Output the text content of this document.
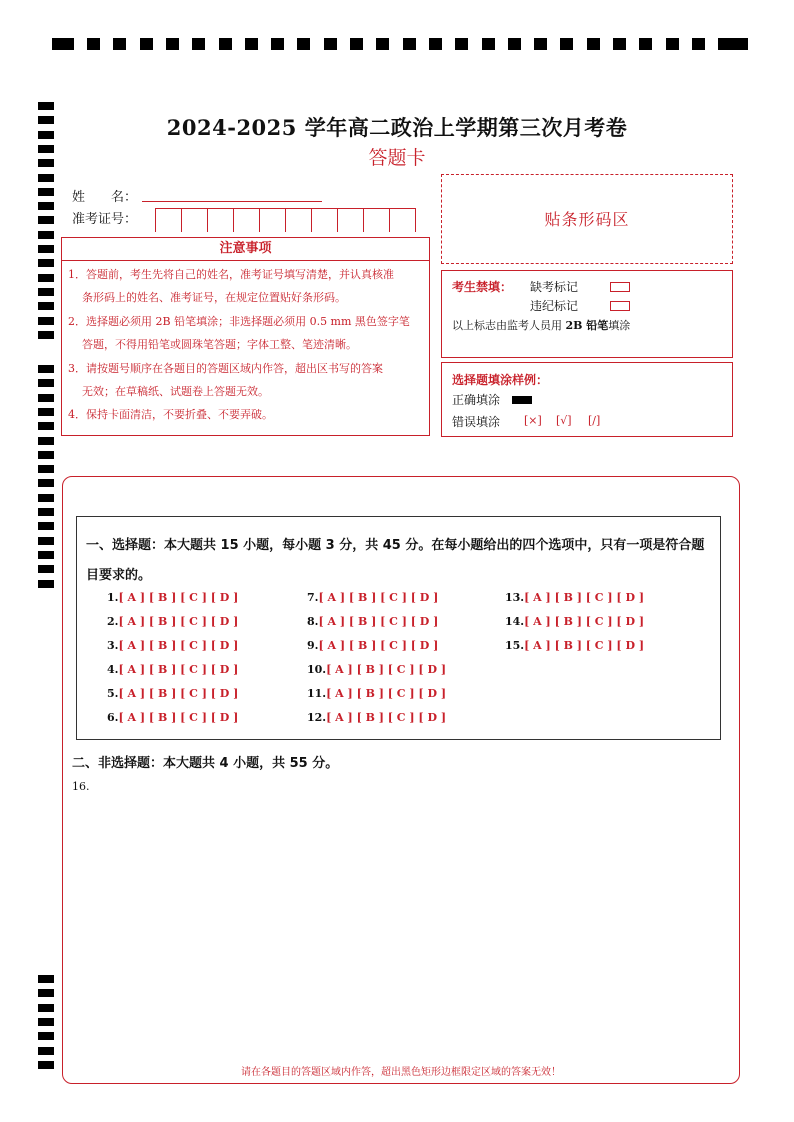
2024-2025 学年高二政治上学期第三次月考卷
答题卡
姓　　名：
准考证号：	贴条形码区
注意事项
1．答题前，考生先将自己的姓名，准考证号填写清楚，并认真核准
条形码上的姓名、准考证号，在规定位置贴好条形码。
2．选择题必须用 2B 铅笔填涂；非选择题必须用 0.5 mm 黑色签字笔
答题，不得用铅笔或圆珠笔答题；字体工整、笔迹清晰。
3．请按题号顺序在各题目的答题区域内作答，超出区书写的答案
无效；在草稿纸、试题卷上答题无效。
4．保持卡面清洁，不要折叠、不要弄破。
考生禁填： 缺考标记
违纪标记
以上标志由监考人员用 2B 铅笔填涂
选择题填涂样例：
正确填涂
错误填涂 [×] [√] [/]
一、选择题：本大题共 15 小题，每小题 3 分，共 45 分。在每小题给出的四个选项中，只有一项是符合题目要求的。
1.[ A ] [ B ] [ C ] [ D ]
2.[ A ] [ B ] [ C ] [ D ]
3.[ A ] [ B ] [ C ] [ D ]
4.[ A ] [ B ] [ C ] [ D ]
5.[ A ] [ B ] [ C ] [ D ]
6.[ A ] [ B ] [ C ] [ D ]
7.[ A ] [ B ] [ C ] [ D ]
8.[ A ] [ B ] [ C ] [ D ]
9.[ A ] [ B ] [ C ] [ D ]
10.[ A ] [ B ] [ C ] [ D ]
11.[ A ] [ B ] [ C ] [ D ]
12.[ A ] [ B ] [ C ] [ D ]
13.[ A ] [ B ] [ C ] [ D ]
14.[ A ] [ B ] [ C ] [ D ]
15.[ A ] [ B ] [ C ] [ D ]
二、非选择题：本大题共 4 小题，共 55 分。
16.
请在各题目的答题区域内作答，超出黑色矩形边框限定区域的答案无效！
